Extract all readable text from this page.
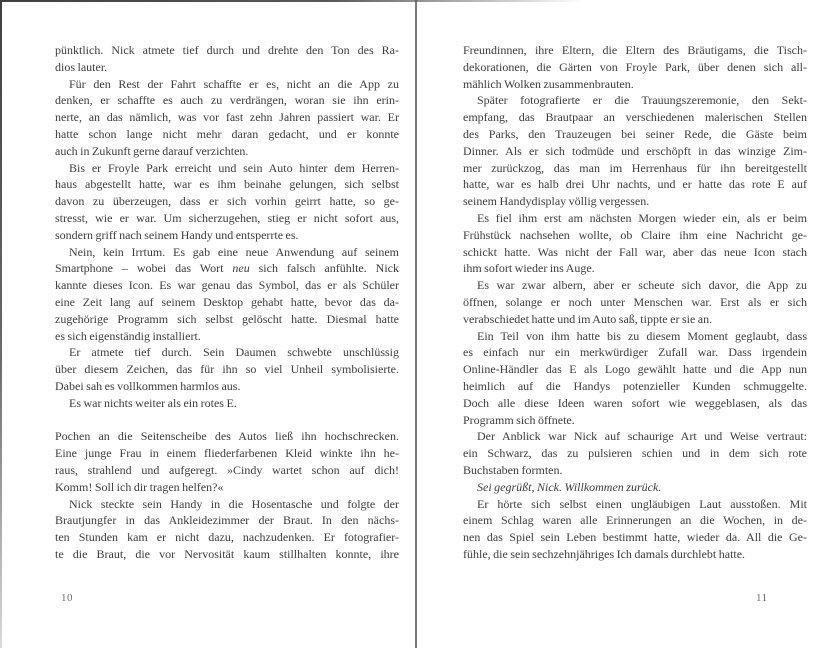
pünktlich. Nick atmete tief durch und drehte den Ton des Ra-
dios lauter.
Für den Rest der Fahrt schaffte er es, nicht an die App zu
denken, er schaffte es auch zu verdrängen, woran sie ihn erin-
nerte, an das nämlich, was vor fast zehn Jahren passiert war. Er
hatte schon lange nicht mehr daran gedacht, und er konnte
auch in Zukunft gerne darauf verzichten.
Bis er Froyle Park erreicht und sein Auto hinter dem Herren-
haus abgestellt hatte, war es ihm beinahe gelungen, sich selbst
davon zu überzeugen, dass er sich vorhin geirrt hatte, so ge-
stresst, wie er war. Um sicherzugehen, stieg er nicht sofort aus,
sondern griff nach seinem Handy und entsperrte es.
Nein, kein Irrtum. Es gab eine neue Anwendung auf seinem
Smartphone – wobei das Wort neu sich falsch anfühlte. Nick
kannte dieses Icon. Es war genau das Symbol, das er als Schüler
eine Zeit lang auf seinem Desktop gehabt hatte, bevor das da-
zugehörige Programm sich selbst gelöscht hatte. Diesmal hatte
es sich eigenständig installiert.
Er atmete tief durch. Sein Daumen schwebte unschlüssig
über diesem Zeichen, das für ihn so viel Unheil symbolisierte.
Dabei sah es vollkommen harmlos aus.
Es war nichts weiter als ein rotes E.
Pochen an die Seitenscheibe des Autos ließ ihn hochschrecken.
Eine junge Frau in einem fliederfarbenen Kleid winkte ihn he-
raus, strahlend und aufgeregt. »Cindy wartet schon auf dich!
Komm! Soll ich dir tragen helfen?«
Nick steckte sein Handy in die Hosentasche und folgte der
Brautjungfer in das Ankleidezimmer der Braut. In den nächs-
ten Stunden kam er nicht dazu, nachzudenken. Er fotografier-
te die Braut, die vor Nervosität kaum stillhalten konnte, ihre
10
Freundinnen, ihre Eltern, die Eltern des Bräutigams, die Tisch-
dekorationen, die Gärten von Froyle Park, über denen sich all-
mählich Wolken zusammenbrauten.
Später fotografierte er die Trauungszeremonie, den Sekt-
empfang, das Brautpaar an verschiedenen malerischen Stellen
des Parks, den Trauzeugen bei seiner Rede, die Gäste beim
Dinner. Als er sich todmüde und erschöpft in das winzige Zim-
mer zurückzog, das man im Herrenhaus für ihn bereitgestellt
hatte, war es halb drei Uhr nachts, und er hatte das rote E auf
seinem Handydisplay völlig vergessen.
Es fiel ihm erst am nächsten Morgen wieder ein, als er beim
Frühstück nachsehen wollte, ob Claire ihm eine Nachricht ge-
schickt hatte. Was nicht der Fall war, aber das neue Icon stach
ihm sofort wieder ins Auge.
Es war zwar albern, aber er scheute sich davor, die App zu
öffnen, solange er noch unter Menschen war. Erst als er sich
verabschiedet hatte und im Auto saß, tippte er sie an.
Ein Teil von ihm hatte bis zu diesem Moment geglaubt, dass
es einfach nur ein merkwürdiger Zufall war. Dass irgendein
Online-Händler das E als Logo gewählt hatte und die App nun
heimlich auf die Handys potenzieller Kunden schmuggelte.
Doch alle diese Ideen waren sofort wie weggeblasen, als das
Programm sich öffnete.
Der Anblick war Nick auf schaurige Art und Weise vertraut:
ein Schwarz, das zu pulsieren schien und in dem sich rote
Buchstaben formten.
Sei gegrüßt, Nick. Willkommen zurück.
Er hörte sich selbst einen ungläubigen Laut ausstoßen. Mit
einem Schlag waren alle Erinnerungen an die Wochen, in de-
nen das Spiel sein Leben bestimmt hatte, wieder da. All die Ge-
fühle, die sein sechzehnjähriges Ich damals durchlebt hatte.
11
